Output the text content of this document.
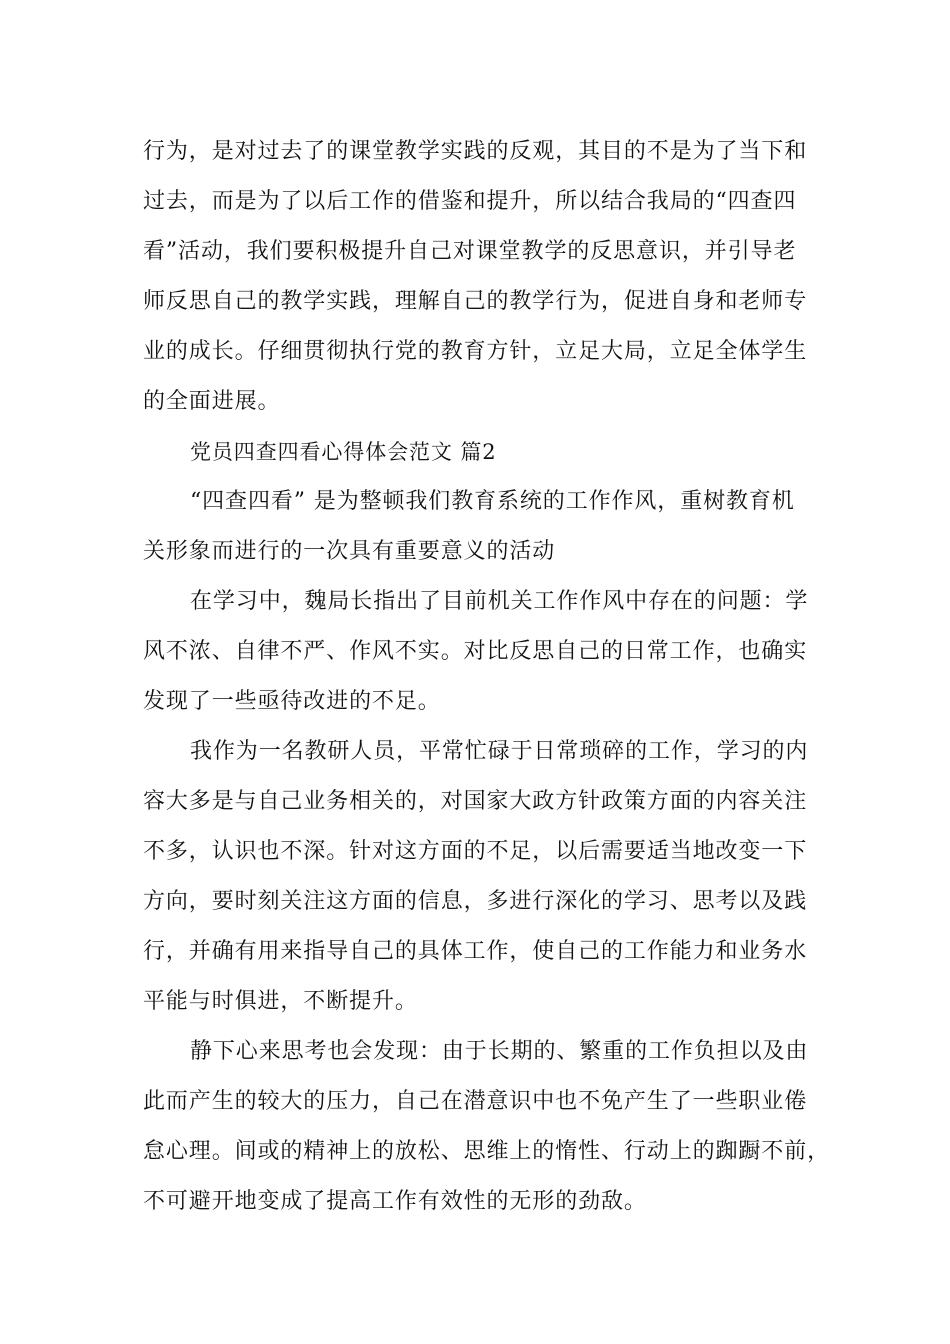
行为，是对过去了的课堂教学实践的反观，其目的不是为了当下和
过去，而是为了以后工作的借鉴和提升，所以结合我局的“四查四
看”活动，我们要积极提升自己对课堂教学的反思意识，并引导老
师反思自己的教学实践，理解自己的教学行为，促进自身和老师专
业的成长。仔细贯彻执行党的教育方针，立足大局，立足全体学生
的全面进展。
党员四查四看心得体会范文 篇2
“四查四看” 是为整顿我们教育系统的工作作风，重树教育机
关形象而进行的一次具有重要意义的活动
在学习中，魏局长指出了目前机关工作作风中存在的问题：学
风不浓、自律不严、作风不实。对比反思自己的日常工作，也确实
发现了一些亟待改进的不足。
我作为一名教研人员，平常忙碌于日常琐碎的工作，学习的内
容大多是与自己业务相关的，对国家大政方针政策方面的内容关注
不多，认识也不深。针对这方面的不足，以后需要适当地改变一下
方向，要时刻关注这方面的信息，多进行深化的学习、思考以及践
行，并确有用来指导自己的具体工作，使自己的工作能力和业务水
平能与时俱进，不断提升。
静下心来思考也会发现：由于长期的、繁重的工作负担以及由
此而产生的较大的压力，自己在潜意识中也不免产生了一些职业倦
怠心理。间或的精神上的放松、思维上的惰性、行动上的踟蹰不前，
不可避开地变成了提高工作有效性的无形的劲敌。
